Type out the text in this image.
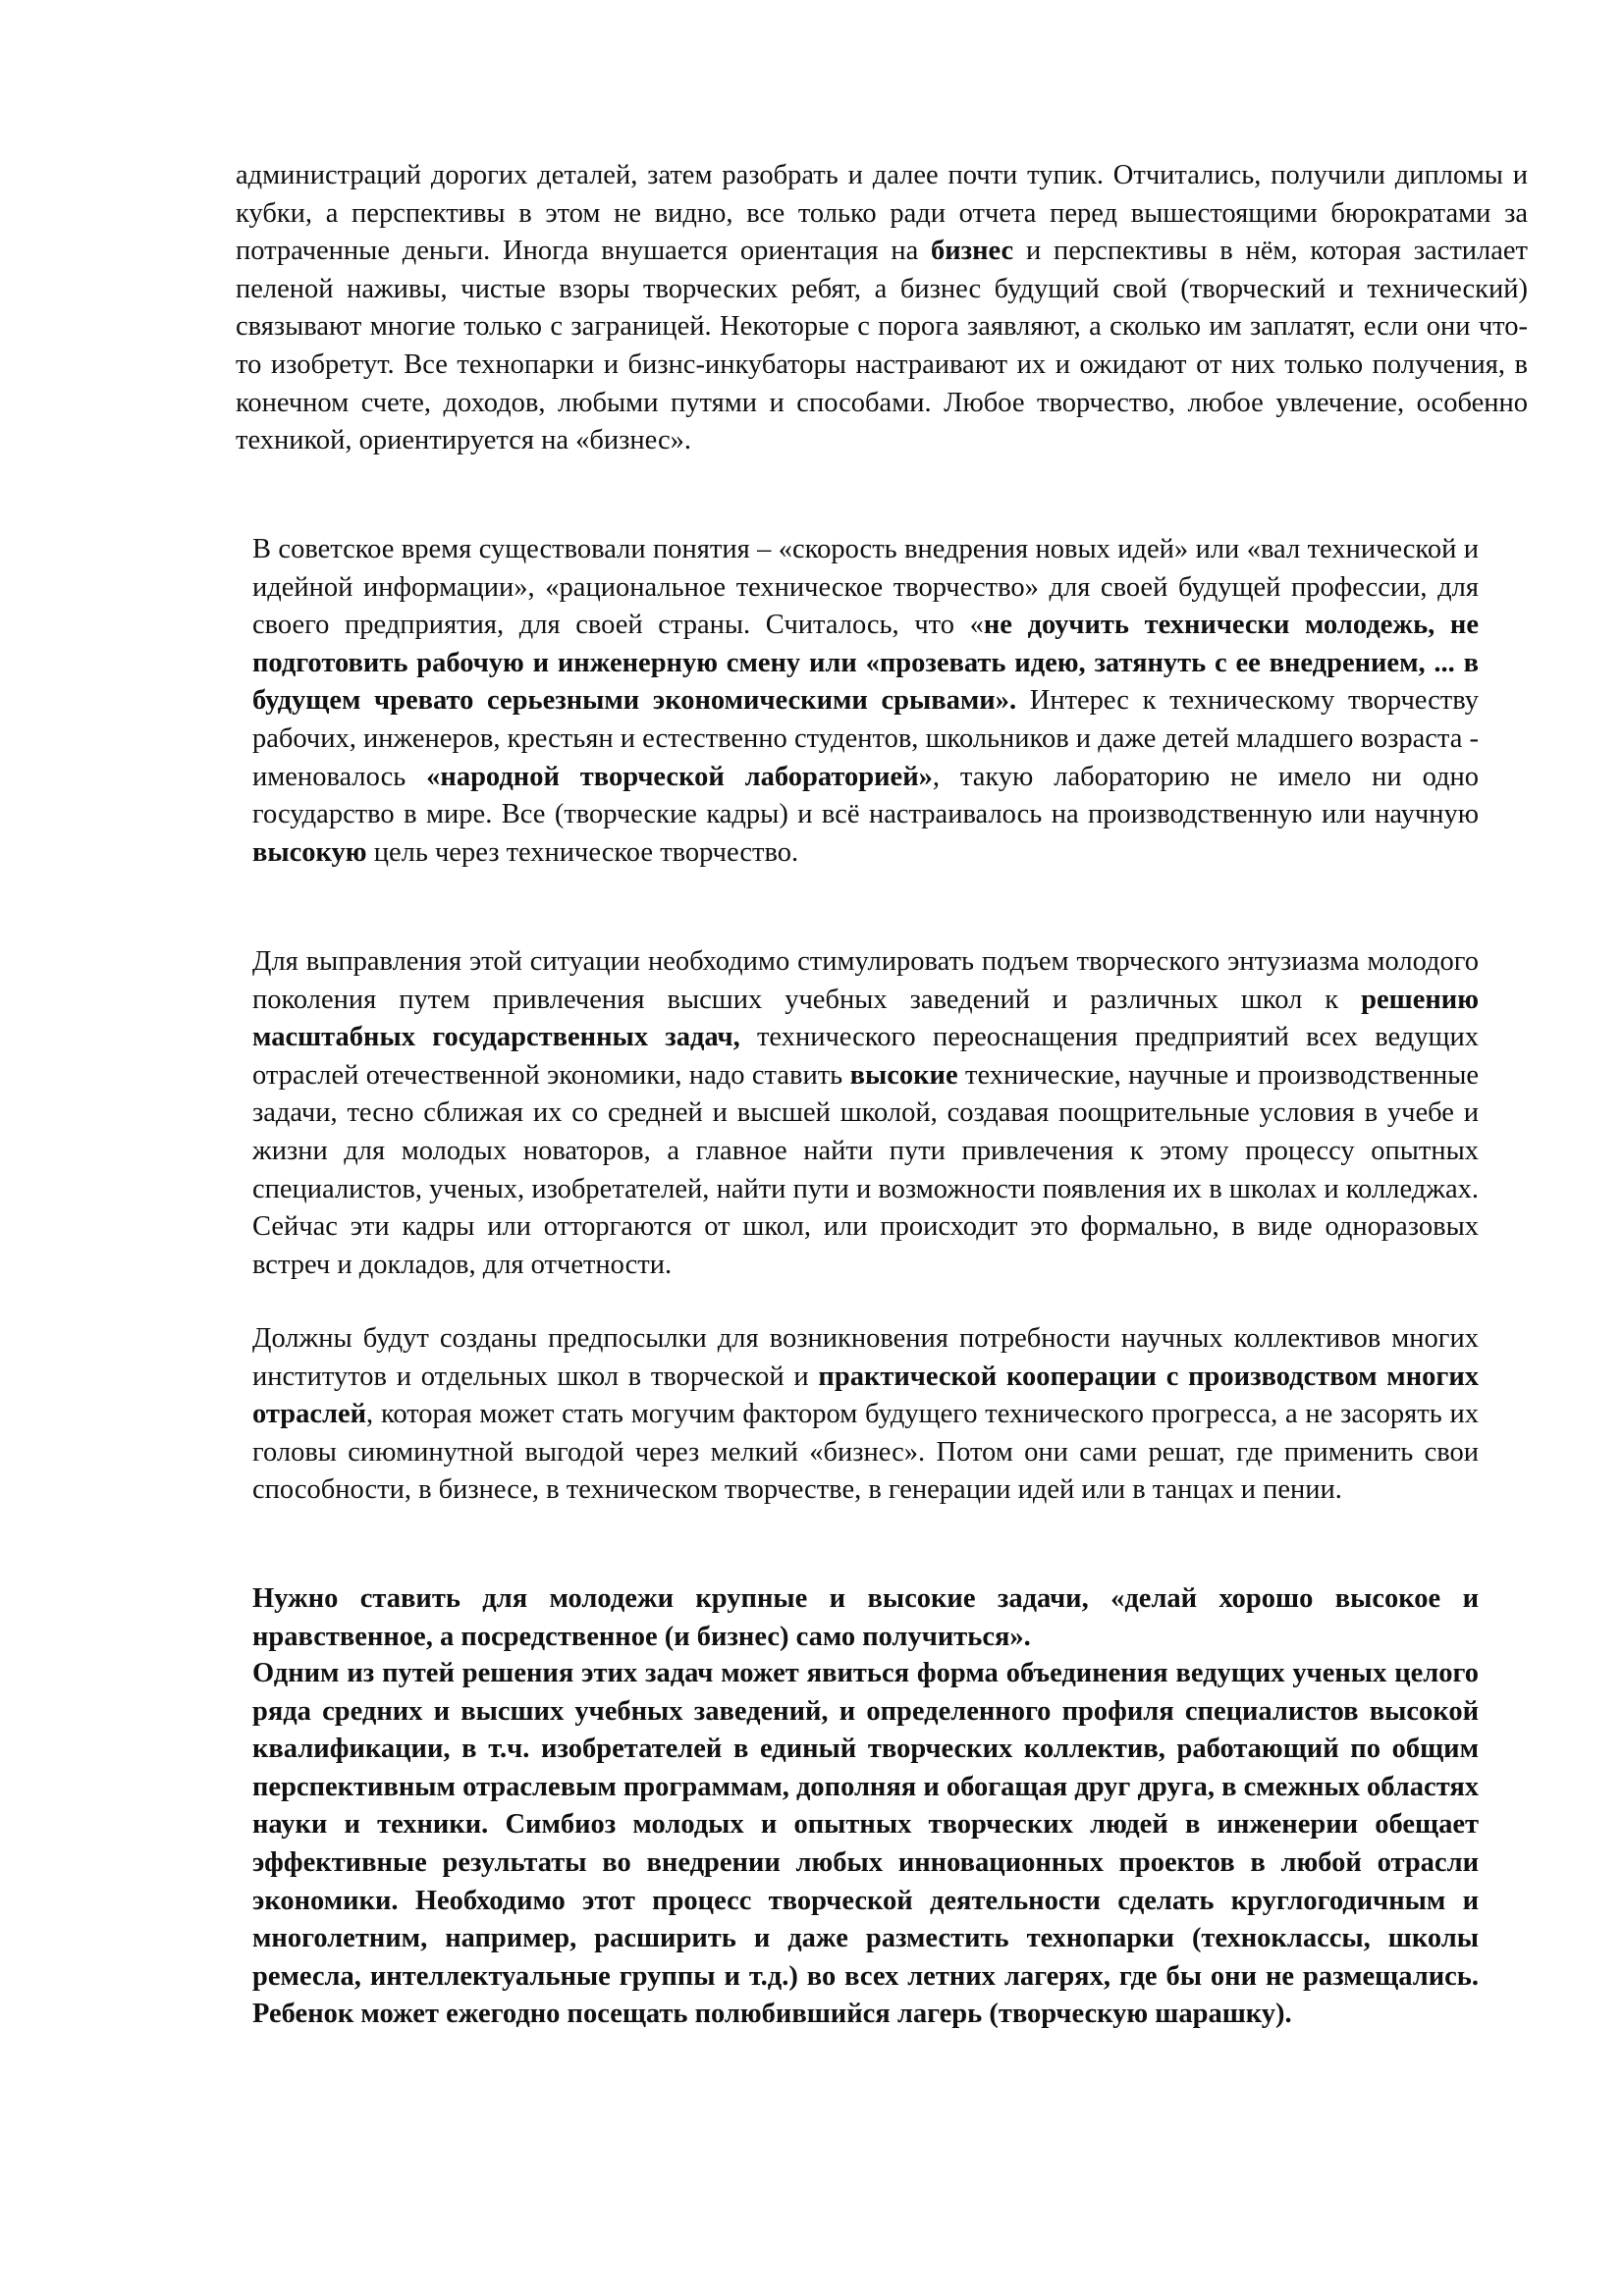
администраций дорогих деталей, затем разобрать и далее почти тупик. Отчитались, получили дипломы и кубки, а перспективы в этом не видно, все только ради отчета перед вышестоящими бюрократами за потраченные деньги. Иногда внушается ориентация на бизнес и перспективы в нём, которая застилает пеленой наживы, чистые взоры творческих ребят, а бизнес будущий свой (творческий и технический) связывают многие только с заграницей. Некоторые с порога заявляют, а сколько им заплатят, если они что-то изобретут. Все технопарки и бизнс-инкубаторы настраивают их и ожидают от них только получения, в конечном счете, доходов, любыми путями и способами. Любое творчество, любое увлечение, особенно техникой, ориентируется на «бизнес».

В советское время существовали понятия – «скорость внедрения новых идей» или «вал технической и идейной информации», «рациональное техническое творчество» для своей будущей профессии, для своего предприятия, для своей страны. Считалось, что «не доучить технически молодежь, не подготовить рабочую и инженерную смену или «прозевать идею, затянуть с ее внедрением, ... в будущем чревато серьезными экономическими срывами». Интерес к техническому творчеству рабочих, инженеров, крестьян и естественно студентов, школьников и даже детей младшего возраста - именовалось «народной творческой лабораторией», такую лабораторию не имело ни одно государство в мире. Все (творческие кадры) и всё настраивалось на производственную или научную высокую цель через техническое творчество.

Для выправления этой ситуации необходимо стимулировать подъем творческого энтузиазма молодого поколения путем привлечения высших учебных заведений и различных школ к решению масштабных государственных задач, технического переоснащения предприятий всех ведущих отраслей отечественной экономики, надо ставить высокие технические, научные и производственные задачи, тесно сближая их со средней и высшей школой, создавая поощрительные условия в учебе и жизни для молодых новаторов, а главное найти пути привлечения к этому процессу опытных специалистов, ученых, изобретателей, найти пути и возможности появления их в школах и колледжах. Сейчас эти кадры или отторгаются от школ, или происходит это формально, в виде одноразовых встреч и докладов, для отчетности.

Должны будут созданы предпосылки для возникновения потребности научных коллективов многих институтов и отдельных школ в творческой и практической кооперации с производством многих отраслей, которая может стать могучим фактором будущего технического прогресса, а не засорять их головы сиюминутной выгодой через мелкий «бизнес». Потом они сами решат, где применить свои способности, в бизнесе, в техническом творчестве, в генерации идей или в танцах и пении.

Нужно ставить для молодежи крупные и высокие задачи, «делай хорошо высокое и нравственное, а посредственное (и бизнес) само получиться».

Одним из путей решения этих задач может явиться форма объединения ведущих ученых целого ряда средних и высших учебных заведений, и определенного профиля специалистов высокой квалификации, в т.ч. изобретателей в единый творческих коллектив, работающий по общим перспективным отраслевым программам, дополняя и обогащая друг друга, в смежных областях науки и техники. Симбиоз молодых и опытных творческих людей в инженерии обещает эффективные результаты во внедрении любых инновационных проектов в любой отрасли экономики. Необходимо этот процесс творческой деятельности сделать круглогодичным и многолетним, например, расширить и даже разместить технопарки (техноклассы, школы ремесла, интеллектуальные группы и т.д.) во всех летних лагерях, где бы они не размещались. Ребенок может ежегодно посещать полюбившийся лагерь (творческую шарашку).
